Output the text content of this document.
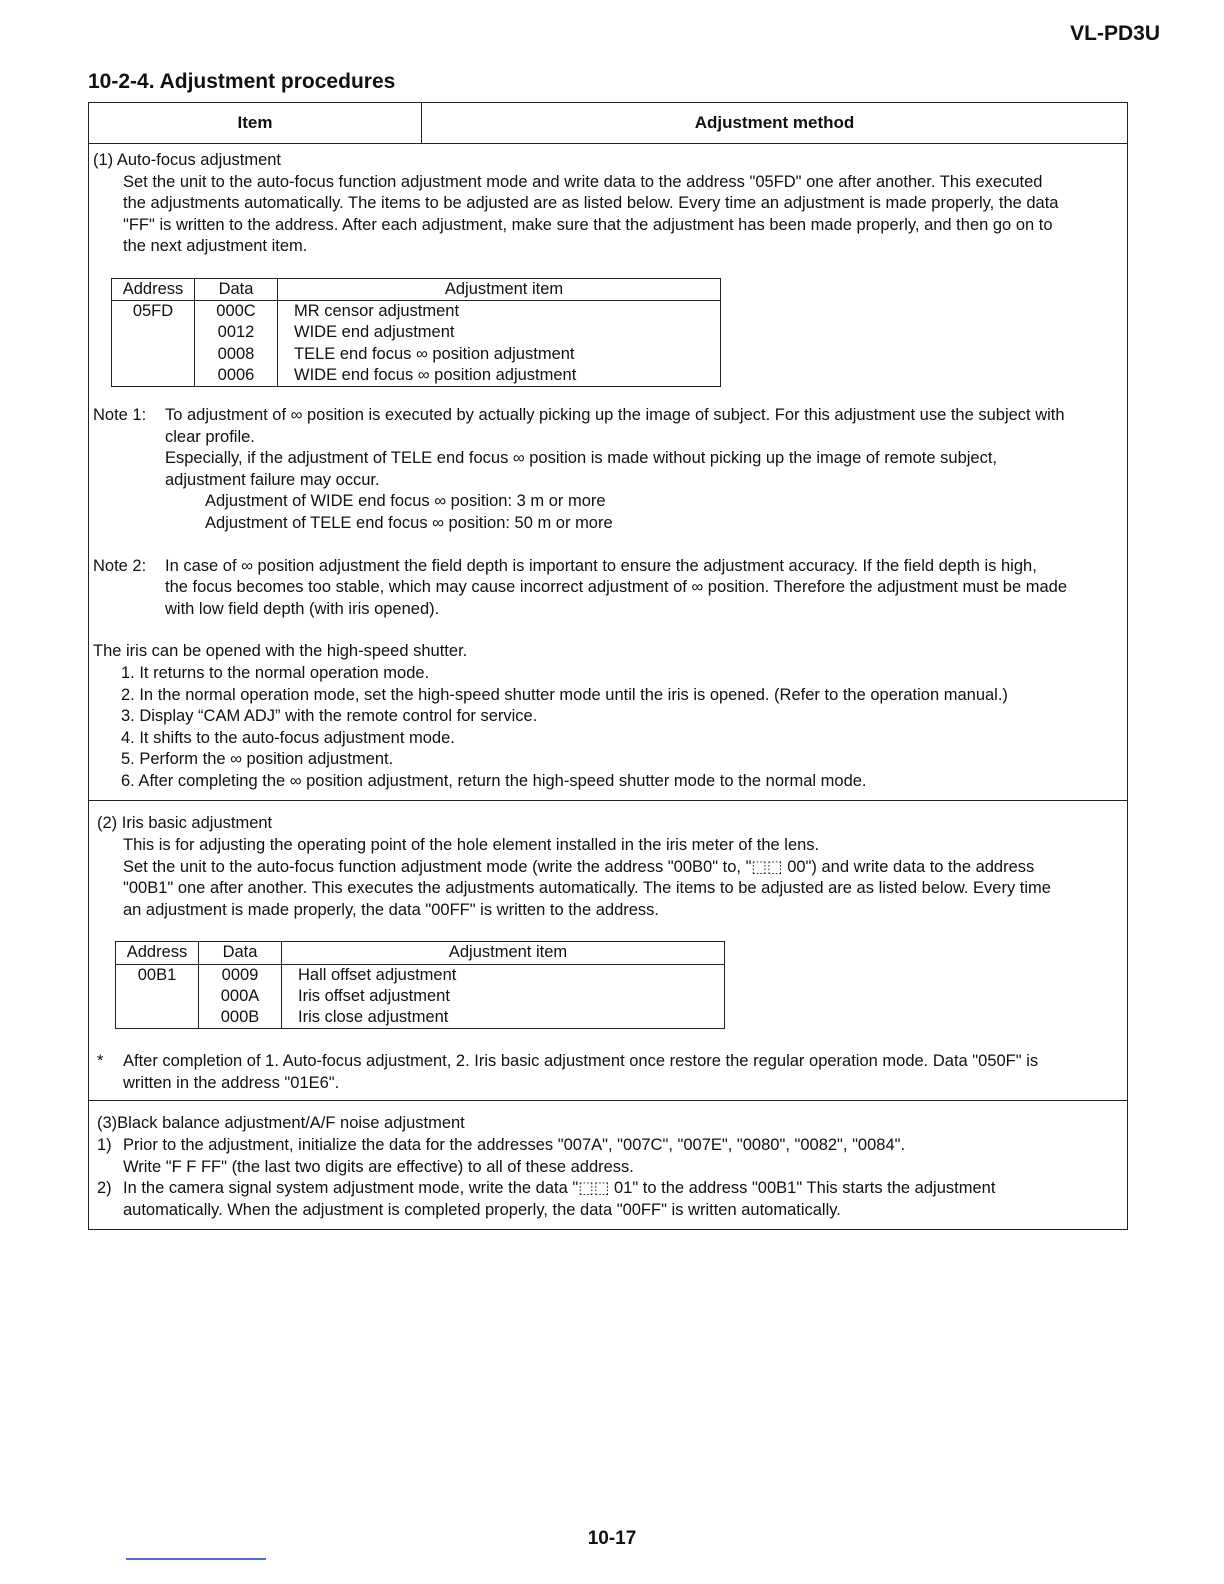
VL-PD3U
10-2-4. Adjustment procedures
Item	Adjustment method

(1) Auto-focus adjustment

Set the unit to the auto-focus function adjustment mode and write data to the address "05FD" one after another. This executed

the adjustments automatically. The items to be adjusted are as listed below. Every time an adjustment is made properly, the data

"FF" is written to the address. After each adjustment, make sure that the adjustment has been made properly, and then go on to

the next adjustment item.

Address	Data	Adjustment item
05FD	000C	MR censor adjustment
	0012	WIDE end adjustment
	0008	TELE end focus ∞ position adjustment
	0006	WIDE end focus ∞ position adjustment
Note 1:	To adjustment of ∞ position is executed by actually picking up the image of subject. For this adjustment use the subject with

clear profile.

Especially, if the adjustment of TELE end focus ∞ position is made without picking up the image of remote subject,

adjustment failure may occur.

Adjustment of WIDE end focus ∞ position: 3 m or more

Adjustment of TELE end focus ∞ position: 50 m or more

Note 2:	In case of ∞ position adjustment the field depth is important to ensure the adjustment accuracy. If the field depth is high,

the focus becomes too stable, which may cause incorrect adjustment of ∞ position. Therefore the adjustment must be made

with low field depth (with iris opened).

The iris can be opened with the high-speed shutter.

1. It returns to the normal operation mode.

2. In the normal operation mode, set the high-speed shutter mode until the iris is opened. (Refer to the operation manual.)

3. Display “CAM ADJ” with the remote control for service.

4. It shifts to the auto-focus adjustment mode.

5. Perform the ∞ position adjustment.

6. After completing the ∞ position adjustment, return the high-speed shutter mode to the normal mode.

(2) Iris basic adjustment

This is for adjusting the operating point of the hole element installed in the iris meter of the lens.

Set the unit to the auto-focus function adjustment mode (write the address "00B0" to, "⬚⬚ 00") and write data to the address

"00B1" one after another. This executes the adjustments automatically. The items to be adjusted are as listed below. Every time

an adjustment is made properly, the data "00FF" is written to the address.

Address	Data	Adjustment item
00B1	0009	Hall offset adjustment
	000A	Iris offset adjustment
	000B	Iris close adjustment
*	After completion of 1. Auto-focus adjustment, 2. Iris basic adjustment once restore the regular operation mode. Data "050F" is

written in the address "01E6".

(3)Black balance adjustment/A/F noise adjustment

1) Prior to the adjustment, initialize the data for the addresses "007A", "007C", "007E", "0080", "0082", "0084".

Write "F F FF" (the last two digits are effective) to all of these address.

2) In the camera signal system adjustment mode, write the data "⬚⬚ 01" to the address "00B1" This starts the adjustment

automatically. When the adjustment is completed properly, the data "00FF" is written automatically.

10-17
